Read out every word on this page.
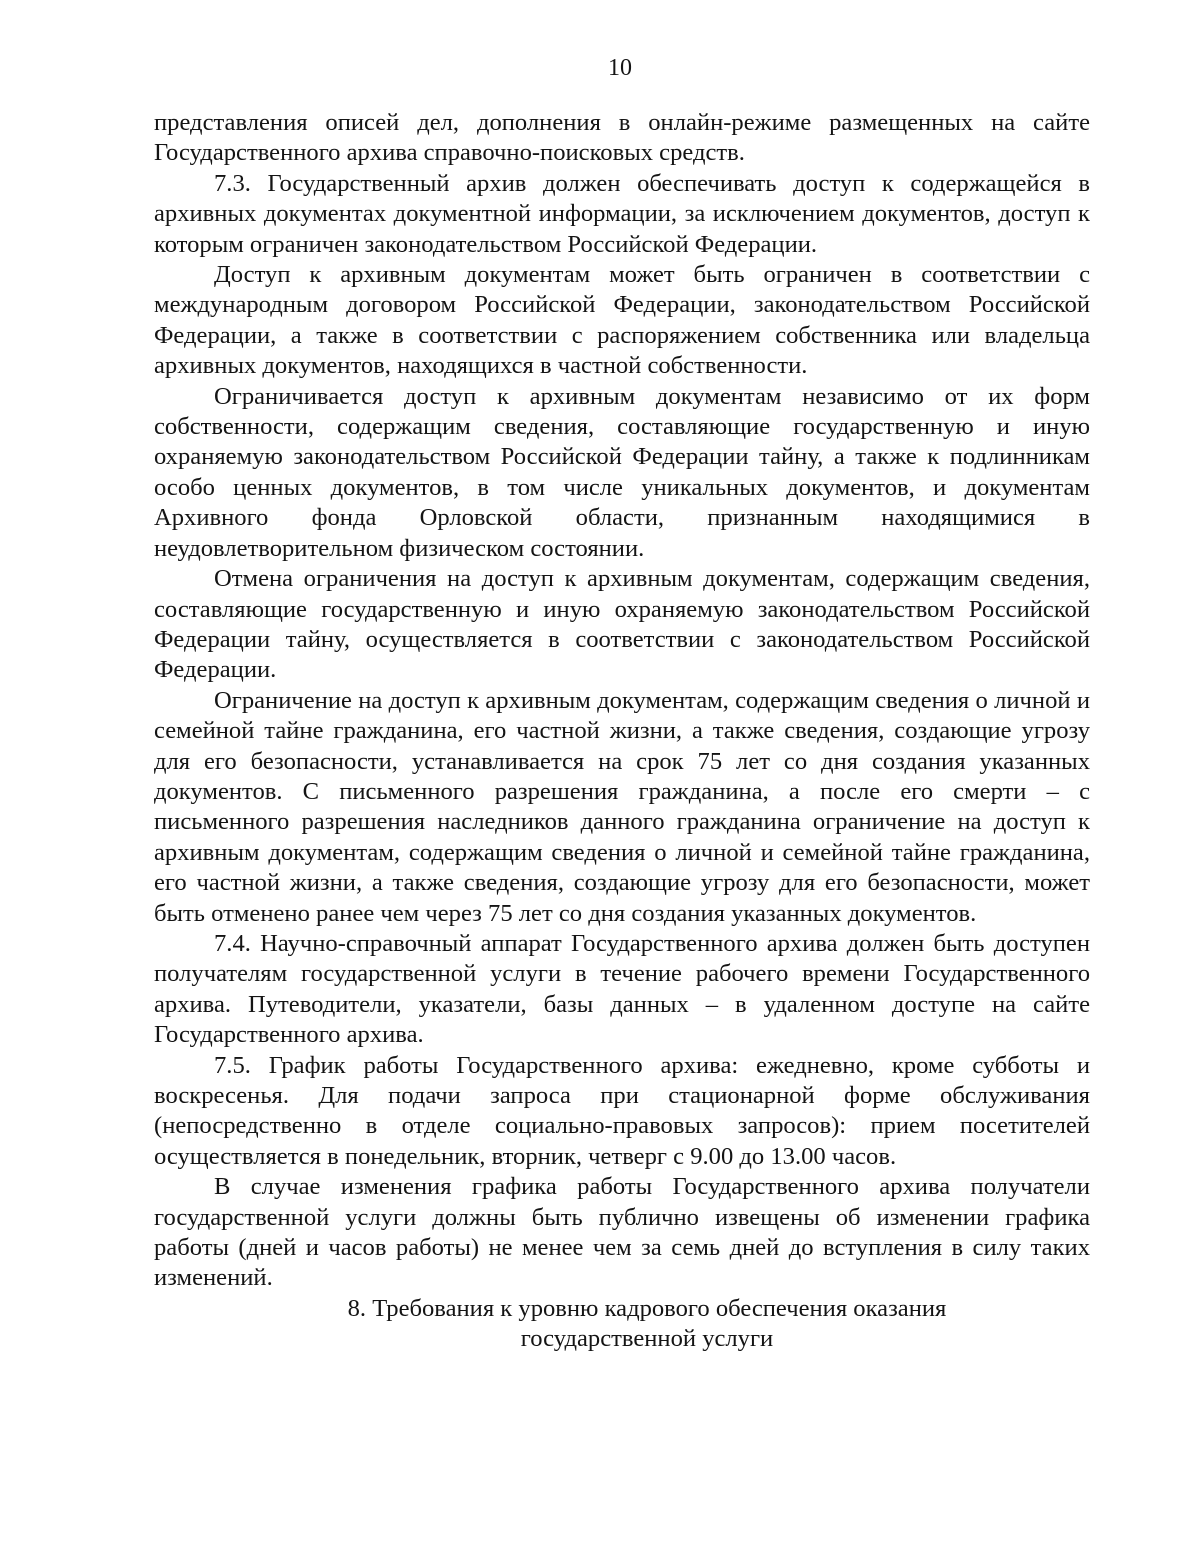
10

представления описей дел, дополнения в онлайн-режиме размещенных на сайте Государственного архива справочно-поисковых средств.

7.3. Государственный архив должен обеспечивать доступ к содержащейся в архивных документах документной информации, за исключением документов, доступ к которым ограничен законодательством Российской Федерации.

Доступ к архивным документам может быть ограничен в соответствии с международным договором Российской Федерации, законодательством Российской Федерации, а также в соответствии с распоряжением собственника или владельца архивных документов, находящихся в частной собственности.

Ограничивается доступ к архивным документам независимо от их форм собственности, содержащим сведения, составляющие государственную и иную охраняемую законодательством Российской Федерации тайну, а также к подлинникам особо ценных документов, в том числе уникальных документов, и документам Архивного фонда Орловской области, признанным находящимися в неудовлетворительном физическом состоянии.

Отмена ограничения на доступ к архивным документам, содержащим сведения, составляющие государственную и иную охраняемую законодательством Российской Федерации тайну, осуществляется в соответствии с законодательством Российской Федерации.

Ограничение на доступ к архивным документам, содержащим сведения о личной и семейной тайне гражданина, его частной жизни, а также сведения, создающие угрозу для его безопасности, устанавливается на срок 75 лет со дня создания указанных документов. С письменного разрешения гражданина, а после его смерти – с письменного разрешения наследников данного гражданина ограничение на доступ к архивным документам, содержащим сведения о личной и семейной тайне гражданина, его частной жизни, а также сведения, создающие угрозу для его безопасности, может быть отменено ранее чем через 75 лет со дня создания указанных документов.

7.4. Научно-справочный аппарат Государственного архива должен быть доступен получателям государственной услуги в течение рабочего времени Государственного архива. Путеводители, указатели, базы данных – в удаленном доступе на сайте Государственного архива.

7.5. График работы Государственного архива: ежедневно, кроме субботы и воскресенья. Для подачи запроса при стационарной форме обслуживания (непосредственно в отделе социально-правовых запросов): прием посетителей осуществляется в понедельник, вторник, четверг с 9.00 до 13.00 часов.

В случае изменения графика работы Государственного архива получатели государственной услуги должны быть публично извещены об изменении графика работы (дней и часов работы) не менее чем за семь дней до вступления в силу таких изменений.

8. Требования к уровню кадрового обеспечения оказания
государственной услуги
